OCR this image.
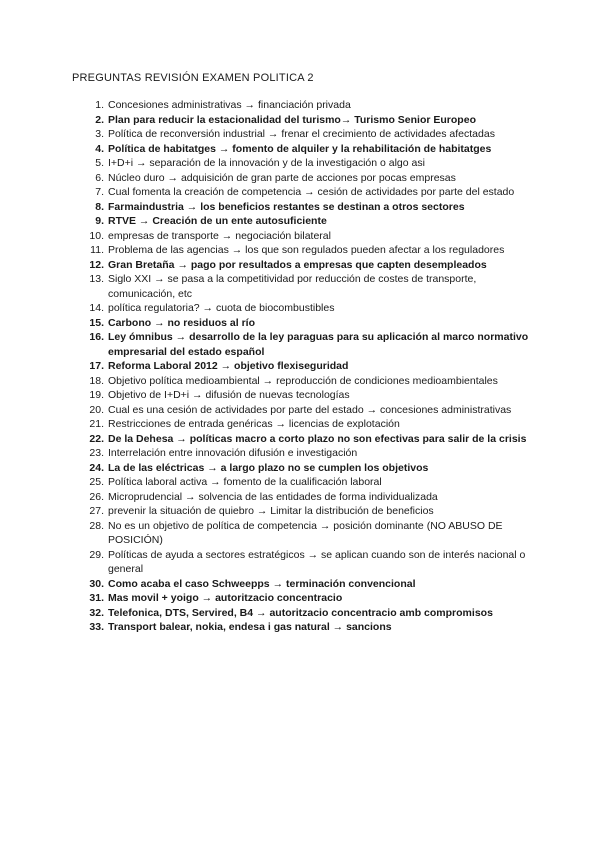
PREGUNTAS REVISIÓN EXAMEN POLITICA 2
1. Concesiones administrativas → financiación privada
2. Plan para reducir la estacionalidad del turismo→ Turismo Senior Europeo
3. Política de reconversión industrial → frenar el crecimiento de actividades afectadas
4. Política de habitatges → fomento de alquiler y la rehabilitación de habitatges
5. I+D+i → separación de la innovación y de la investigación o algo asi
6. Núcleo duro → adquisición de gran parte de acciones por pocas empresas
7. Cual fomenta la creación de competencia → cesión de actividades por parte del estado
8. Farmaindustria → los beneficios restantes se destinan a otros sectores
9. RTVE → Creación de un ente autosuficiente
10. empresas de transporte → negociación bilateral
11. Problema de las agencias → los que son regulados pueden afectar a los reguladores
12. Gran Bretaña → pago por resultados a empresas que capten desempleados
13. Siglo XXI → se pasa a la competitividad por reducción de costes de transporte, comunicación, etc
14. política regulatoria? → cuota de biocombustibles
15. Carbono → no residuos al río
16. Ley ómnibus → desarrollo de la ley paraguas para su aplicación al marco normativo empresarial del estado español
17. Reforma Laboral 2012 → objetivo flexiseguridad
18. Objetivo política medioambiental → reproducción de condiciones medioambientales
19. Objetivo de I+D+i → difusión de nuevas tecnologías
20. Cual es una cesión de actividades por parte del estado → concesiones administrativas
21. Restricciones de entrada genéricas → licencias de explotación
22. De la Dehesa → políticas macro a corto plazo no son efectivas para salir de la crisis
23. Interrelación entre innovación difusión e investigación
24. La de las eléctricas → a largo plazo no se cumplen los objetivos
25. Política laboral activa → fomento de la cualificación laboral
26. Microprudencial → solvencia de las entidades de forma individualizada
27. prevenir la situación de quiebro → Limitar la distribución de beneficios
28. No es un objetivo de política de competencia → posición dominante (NO ABUSO DE POSICIÓN)
29. Políticas de ayuda a sectores estratégicos → se aplican cuando son de interés nacional o general
30. Como acaba el caso Schweepps → terminación convencional
31. Mas movil + yoigo → autoritzacio concentracio
32. Telefonica, DTS, Servired, B4 → autoritzacio concentracio amb compromisos
33. Transport balear, nokia, endesa i gas natural → sancions
